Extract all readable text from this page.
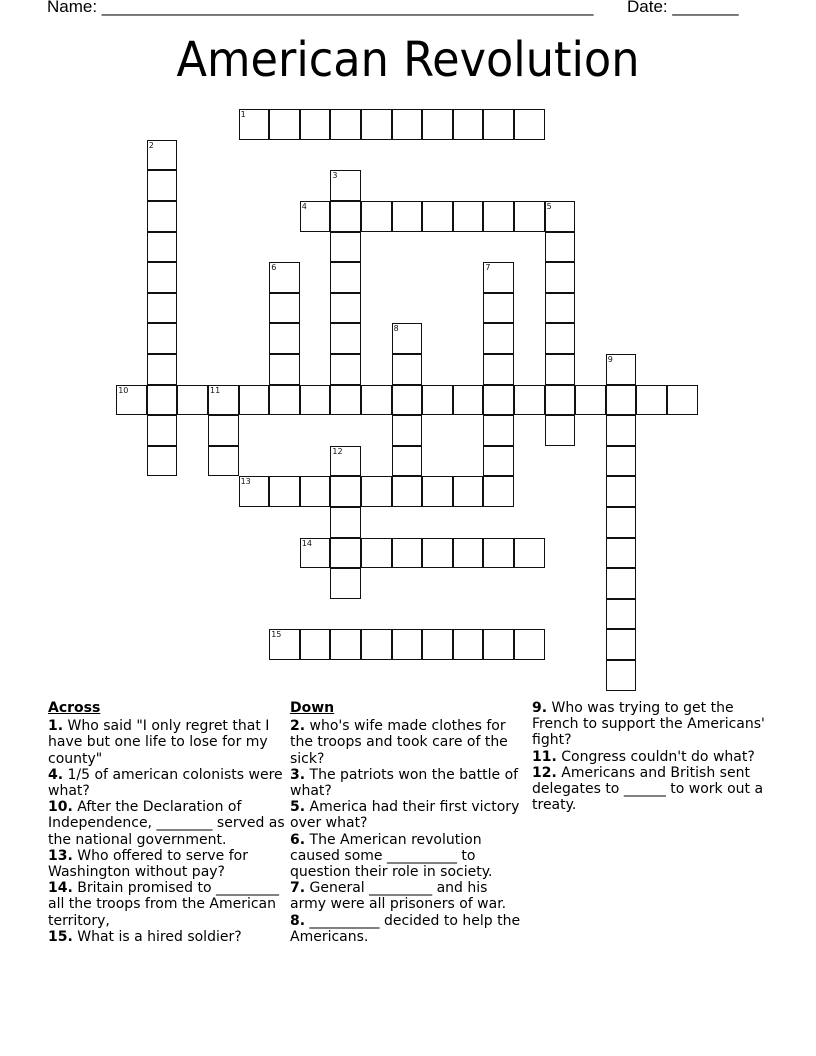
Name: ____________________________________________________ Date: _______
American Revolution
1
2
3
4	5
6	7
8
9
10	11
12
13
14
15
Across
1. Who said "I only regret that I have but one life to lose for my county"
4. 1/5 of american colonists were what?
10. After the Declaration of Independence, ________ served as the national government.
13. Who offered to serve for Washington without pay?
14. Britain promised to _________ all the troops from the American territory,
15. What is a hired soldier?
Down
2. who's wife made clothes for the troops and took care of the sick?
3. The patriots won the battle of what?
5. America had their first victory over what?
6. The American revolution caused some __________ to question their role in society.
7. General _________ and his army were all prisoners of war.
8. __________ decided to help the Americans.
9. Who was trying to get the French to support the Americans' fight?
11. Congress couldn't do what?
12. Americans and British sent delegates to ______ to work out a treaty.
